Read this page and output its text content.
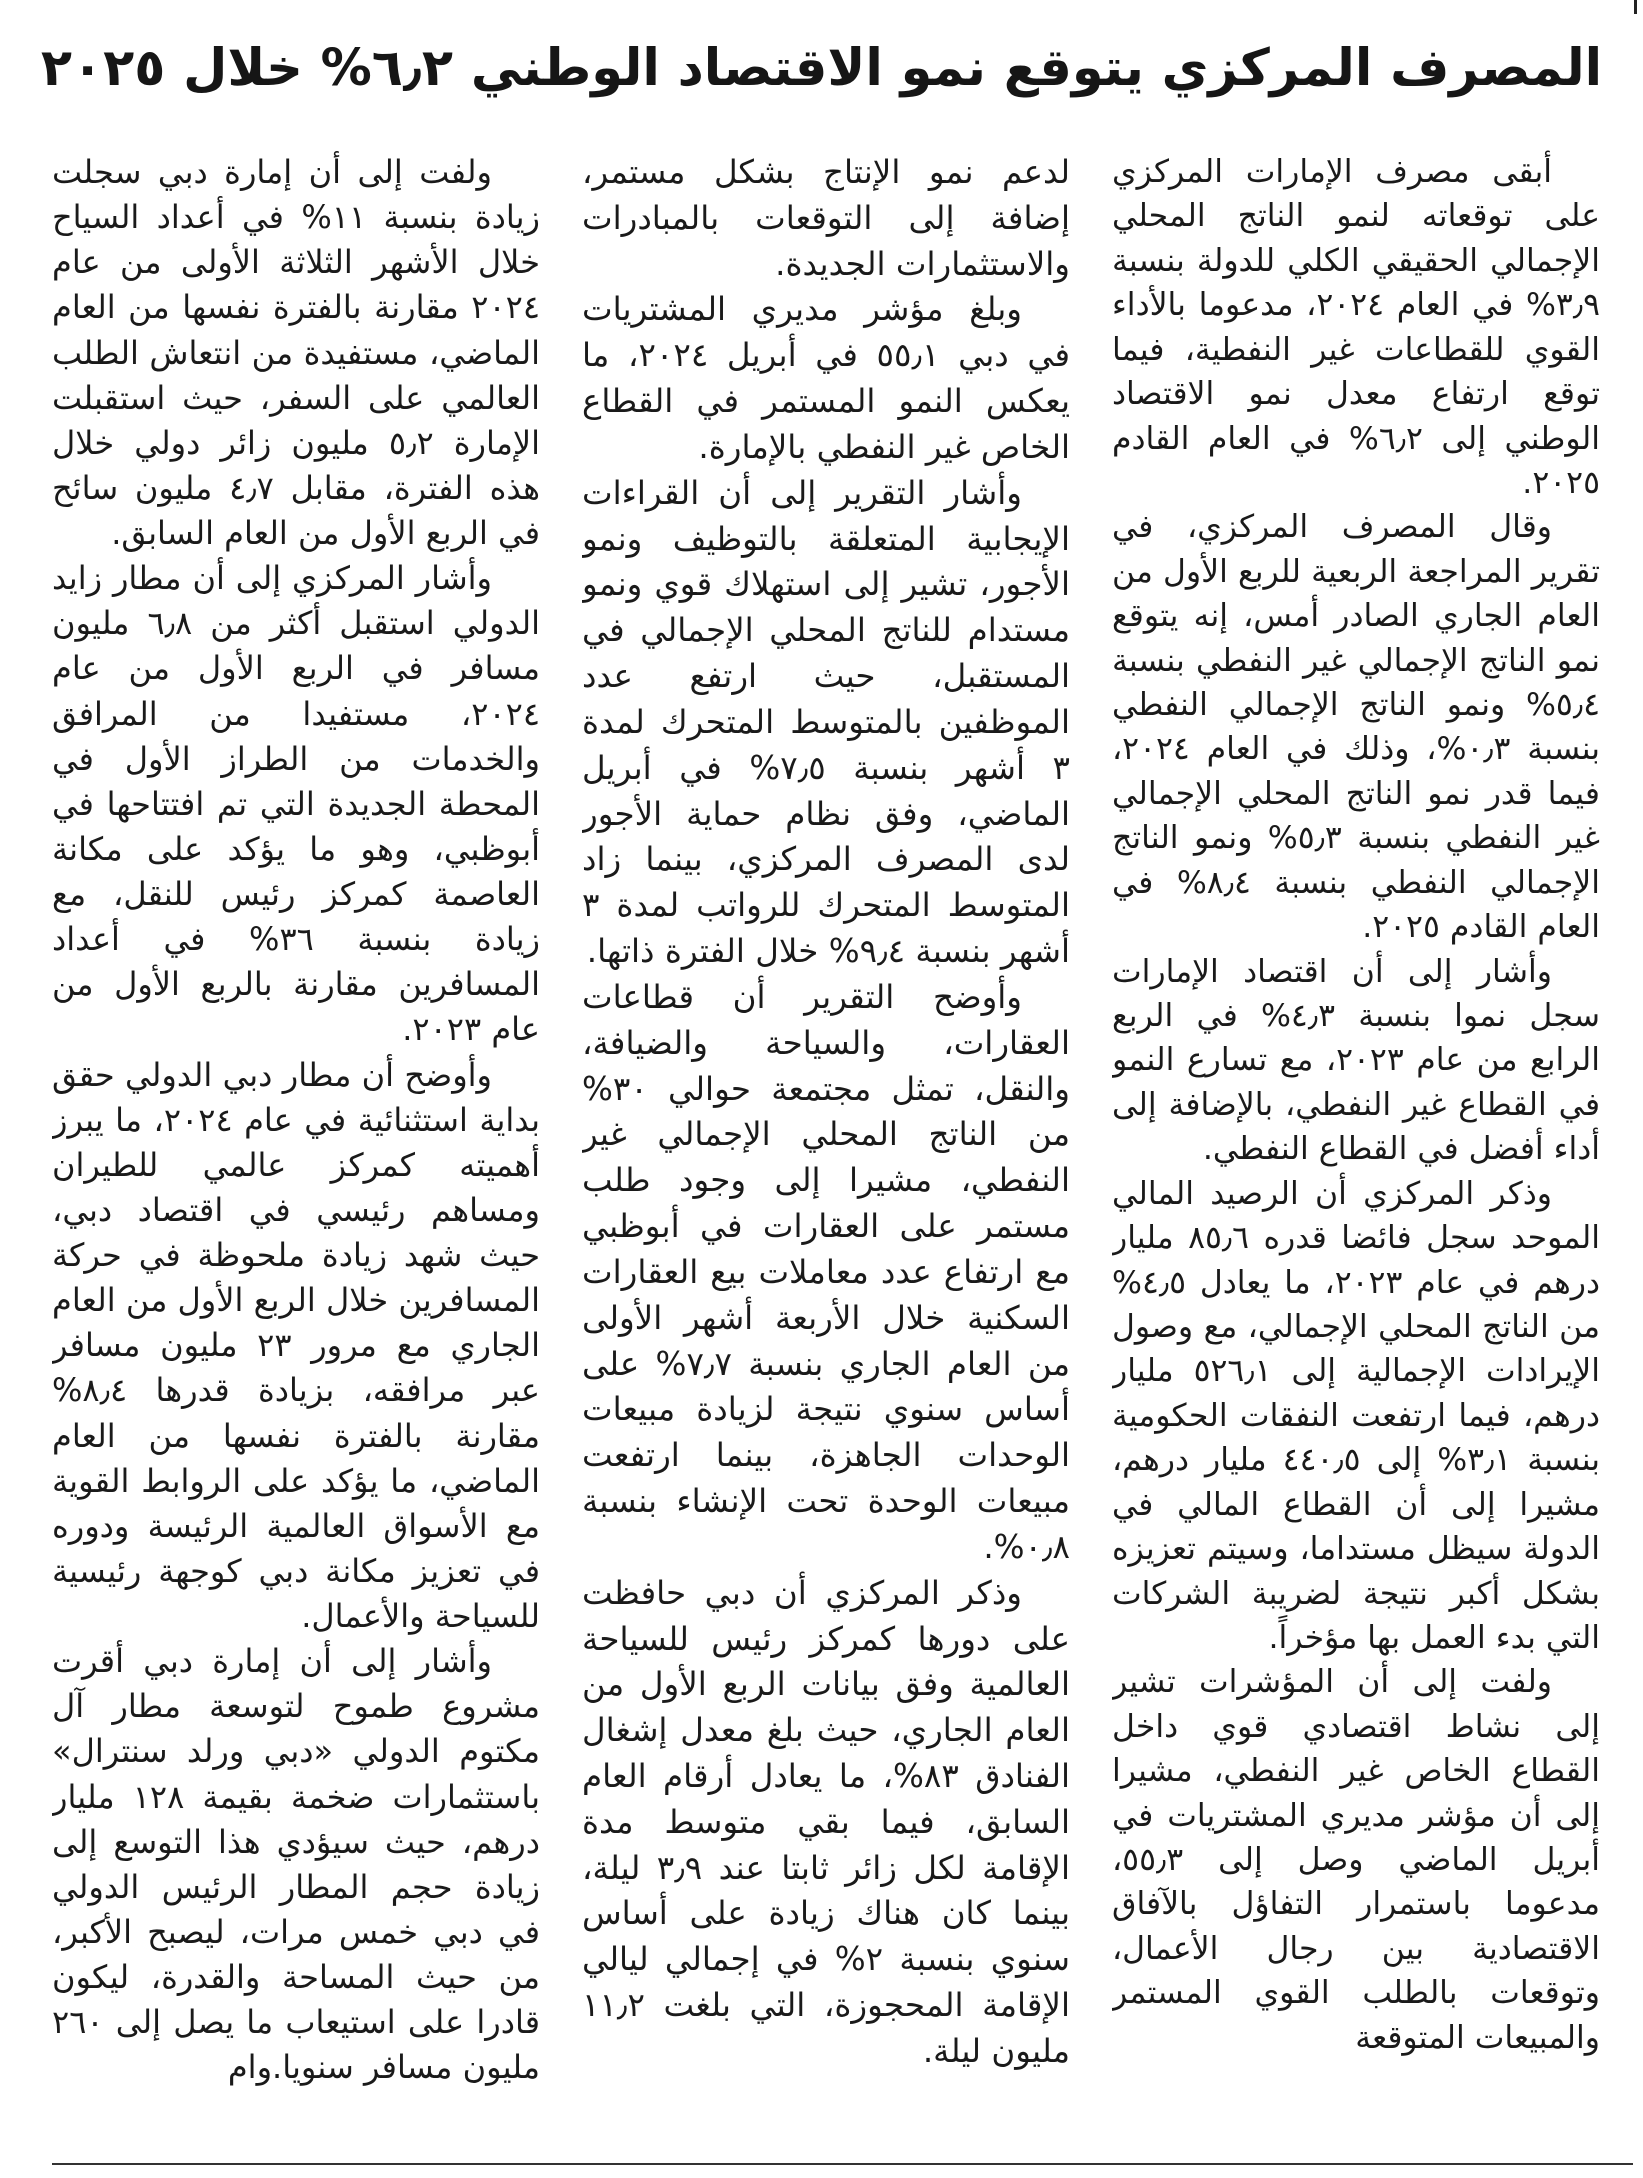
المصرف المركزي يتوقع نمو الاقتصاد الوطني ٦٫٢% خلال ٢٠٢٥

أبقى مصرف الإمارات المركزي على توقعاته لنمو الناتج المحلي الإجمالي الحقيقي الكلي للدولة بنسبة ٣٫٩% في العام ٢٠٢٤، مدعوما بالأداء القوي للقطاعات غير النفطية، فيما توقع ارتفاع معدل نمو الاقتصاد الوطني إلى ٦٫٢% في العام القادم ٢٠٢٥.

وقال المصرف المركزي، في تقرير المراجعة الربعية للربع الأول من العام الجاري الصادر أمس، إنه يتوقع نمو الناتج الإجمالي غير النفطي بنسبة ٥٫٤% ونمو الناتج الإجمالي النفطي بنسبة ٠٫٣%، وذلك في العام ٢٠٢٤، فيما قدر نمو الناتج المحلي الإجمالي غير النفطي بنسبة ٥٫٣% ونمو الناتج الإجمالي النفطي بنسبة ٨٫٤% في العام القادم ٢٠٢٥.

وأشار إلى أن اقتصاد الإمارات سجل نموا بنسبة ٤٫٣% في الربع الرابع من عام ٢٠٢٣، مع تسارع النمو في القطاع غير النفطي، بالإضافة إلى أداء أفضل في القطاع النفطي.

وذكر المركزي أن الرصيد المالي الموحد سجل فائضا قدره ٨٥٫٦ مليار درهم في عام ٢٠٢٣، ما يعادل ٤٫٥% من الناتج المحلي الإجمالي، مع وصول الإيرادات الإجمالية إلى ٥٢٦٫١ مليار درهم، فيما ارتفعت النفقات الحكومية بنسبة ٣٫١% إلى ٤٤٠٫٥ مليار درهم، مشيرا إلى أن القطاع المالي في الدولة سيظل مستداما، وسيتم تعزيزه بشكل أكبر نتيجة لضريبة الشركات التي بدء العمل بها مؤخراً.

ولفت إلى أن المؤشرات تشير إلى نشاط اقتصادي قوي داخل القطاع الخاص غير النفطي، مشيرا إلى أن مؤشر مديري المشتريات في أبريل الماضي وصل إلى ٥٥٫٣، مدعوما باستمرار التفاؤل بالآفاق الاقتصادية بين رجال الأعمال، وتوقعات بالطلب القوي المستمر والمبيعات المتوقعة

لدعم نمو الإنتاج بشكل مستمر، إضافة إلى التوقعات بالمبادرات والاستثمارات الجديدة.

وبلغ مؤشر مديري المشتريات في دبي ٥٥٫١ في أبريل ٢٠٢٤، ما يعكس النمو المستمر في القطاع الخاص غير النفطي بالإمارة.

وأشار التقرير إلى أن القراءات الإيجابية المتعلقة بالتوظيف ونمو الأجور، تشير إلى استهلاك قوي ونمو مستدام للناتج المحلي الإجمالي في المستقبل، حيث ارتفع عدد الموظفين بالمتوسط المتحرك لمدة ٣ أشهر بنسبة ٧٫٥% في أبريل الماضي، وفق نظام حماية الأجور لدى المصرف المركزي، بينما زاد المتوسط المتحرك للرواتب لمدة ٣ أشهر بنسبة ٩٫٤% خلال الفترة ذاتها.

وأوضح التقرير أن قطاعات العقارات، والسياحة والضيافة، والنقل، تمثل مجتمعة حوالي ٣٠% من الناتج المحلي الإجمالي غير النفطي، مشيرا إلى وجود طلب مستمر على العقارات في أبوظبي مع ارتفاع عدد معاملات بيع العقارات السكنية خلال الأربعة أشهر الأولى من العام الجاري بنسبة ٧٫٧% على أساس سنوي نتيجة لزيادة مبيعات الوحدات الجاهزة، بينما ارتفعت مبيعات الوحدة تحت الإنشاء بنسبة ٠٫٨%.

وذكر المركزي أن دبي حافظت على دورها كمركز رئيس للسياحة العالمية وفق بيانات الربع الأول من العام الجاري، حيث بلغ معدل إشغال الفنادق ٨٣%، ما يعادل أرقام العام السابق، فيما بقي متوسط مدة الإقامة لكل زائر ثابتا عند ٣٫٩ ليلة، بينما كان هناك زيادة على أساس سنوي بنسبة ٢% في إجمالي ليالي الإقامة المحجوزة، التي بلغت ١١٫٢ مليون ليلة.

ولفت إلى أن إمارة دبي سجلت زيادة بنسبة ١١% في أعداد السياح خلال الأشهر الثلاثة الأولى من عام ٢٠٢٤ مقارنة بالفترة نفسها من العام الماضي، مستفيدة من انتعاش الطلب العالمي على السفر، حيث استقبلت الإمارة ٥٫٢ مليون زائر دولي خلال هذه الفترة، مقابل ٤٫٧ مليون سائح في الربع الأول من العام السابق.

وأشار المركزي إلى أن مطار زايد الدولي استقبل أكثر من ٦٫٨ مليون مسافر في الربع الأول من عام ٢٠٢٤، مستفيدا من المرافق والخدمات من الطراز الأول في المحطة الجديدة التي تم افتتاحها في أبوظبي، وهو ما يؤكد على مكانة العاصمة كمركز رئيس للنقل، مع زيادة بنسبة ٣٦% في أعداد المسافرين مقارنة بالربع الأول من عام ٢٠٢٣.

وأوضح أن مطار دبي الدولي حقق بداية استثنائية في عام ٢٠٢٤، ما يبرز أهميته كمركز عالمي للطيران ومساهم رئيسي في اقتصاد دبي، حيث شهد زيادة ملحوظة في حركة المسافرين خلال الربع الأول من العام الجاري مع مرور ٢٣ مليون مسافر عبر مرافقه، بزيادة قدرها ٨٫٤% مقارنة بالفترة نفسها من العام الماضي، ما يؤكد على الروابط القوية مع الأسواق العالمية الرئيسة ودوره في تعزيز مكانة دبي كوجهة رئيسية للسياحة والأعمال.

وأشار إلى أن إمارة دبي أقرت مشروع طموح لتوسعة مطار آل مكتوم الدولي «دبي ورلد سنترال» باستثمارات ضخمة بقيمة ١٢٨ مليار درهم، حيث سيؤدي هذا التوسع إلى زيادة حجم المطار الرئيس الدولي في دبي خمس مرات، ليصبح الأكبر، من حيث المساحة والقدرة، ليكون قادرا على استيعاب ما يصل إلى ٢٦٠ مليون مسافر سنويا.وام
